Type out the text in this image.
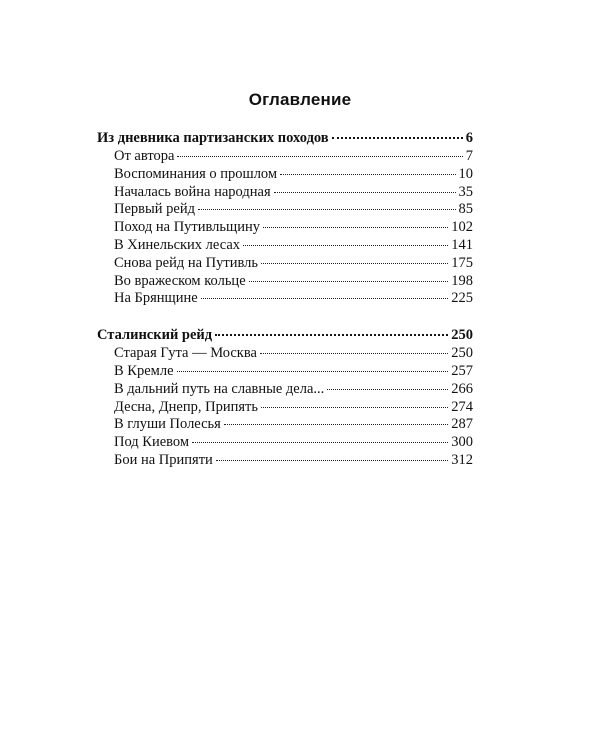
Оглавление
Из дневника партизанских походов	6
От автора	7
Воспоминания о прошлом	10
Началась война народная	35
Первый рейд	85
Поход на Путивльщину	102
В Хинельских лесах	141
Снова рейд на Путивль	175
Во вражеском кольце	198
На Брянщине	225
Сталинский рейд	250
Старая Гута — Москва	250
В Кремле	257
В дальний путь на славные дела...	266
Десна, Днепр, Припять	274
В глуши Полесья	287
Под Киевом	300
Бои на Припяти	312
